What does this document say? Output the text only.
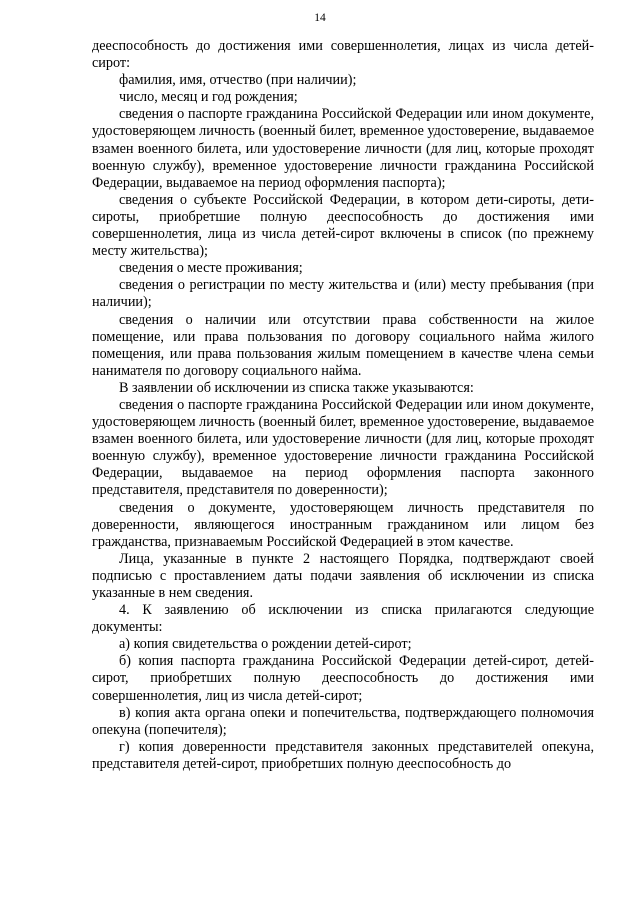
14

дееспособность до достижения ими совершеннолетия, лицах из числа детей-сирот:

фамилия, имя, отчество (при наличии);

число, месяц и год рождения;

сведения о паспорте гражданина Российской Федерации или ином документе, удостоверяющем личность (военный билет, временное удостоверение, выдаваемое взамен военного билета, или удостоверение личности (для лиц, которые проходят военную службу), временное удостоверение личности гражданина Российской Федерации, выдаваемое на период оформления паспорта);

сведения о субъекте Российской Федерации, в котором дети-сироты, дети-сироты, приобретшие полную дееспособность до достижения ими совершеннолетия, лица из числа детей-сирот включены в список (по прежнему месту жительства);

сведения о месте проживания;

сведения о регистрации по месту жительства и (или) месту пребывания (при наличии);

сведения о наличии или отсутствии права собственности на жилое помещение, или права пользования по договору социального найма жилого помещения, или права пользования жилым помещением в качестве члена семьи нанимателя по договору социального найма.

В заявлении об исключении из списка также указываются:

сведения о паспорте гражданина Российской Федерации или ином документе, удостоверяющем личность (военный билет, временное удостоверение, выдаваемое взамен военного билета, или удостоверение личности (для лиц, которые проходят военную службу), временное удостоверение личности гражданина Российской Федерации, выдаваемое на период оформления паспорта законного представителя, представителя по доверенности);

сведения о документе, удостоверяющем личность представителя по доверенности, являющегося иностранным гражданином или лицом без гражданства, признаваемым Российской Федерацией в этом качестве.

Лица, указанные в пункте 2 настоящего Порядка, подтверждают своей подписью с проставлением даты подачи заявления об исключении из списка указанные в нем сведения.

4. К заявлению об исключении из списка прилагаются следующие документы:

а) копия свидетельства о рождении детей-сирот;

б) копия паспорта гражданина Российской Федерации детей-сирот, детей-сирот, приобретших полную дееспособность до достижения ими совершеннолетия, лиц из числа детей-сирот;

в) копия акта органа опеки и попечительства, подтверждающего полномочия опекуна (попечителя);

г) копия доверенности представителя законных представителей опекуна, представителя детей-сирот, приобретших полную дееспособность до
